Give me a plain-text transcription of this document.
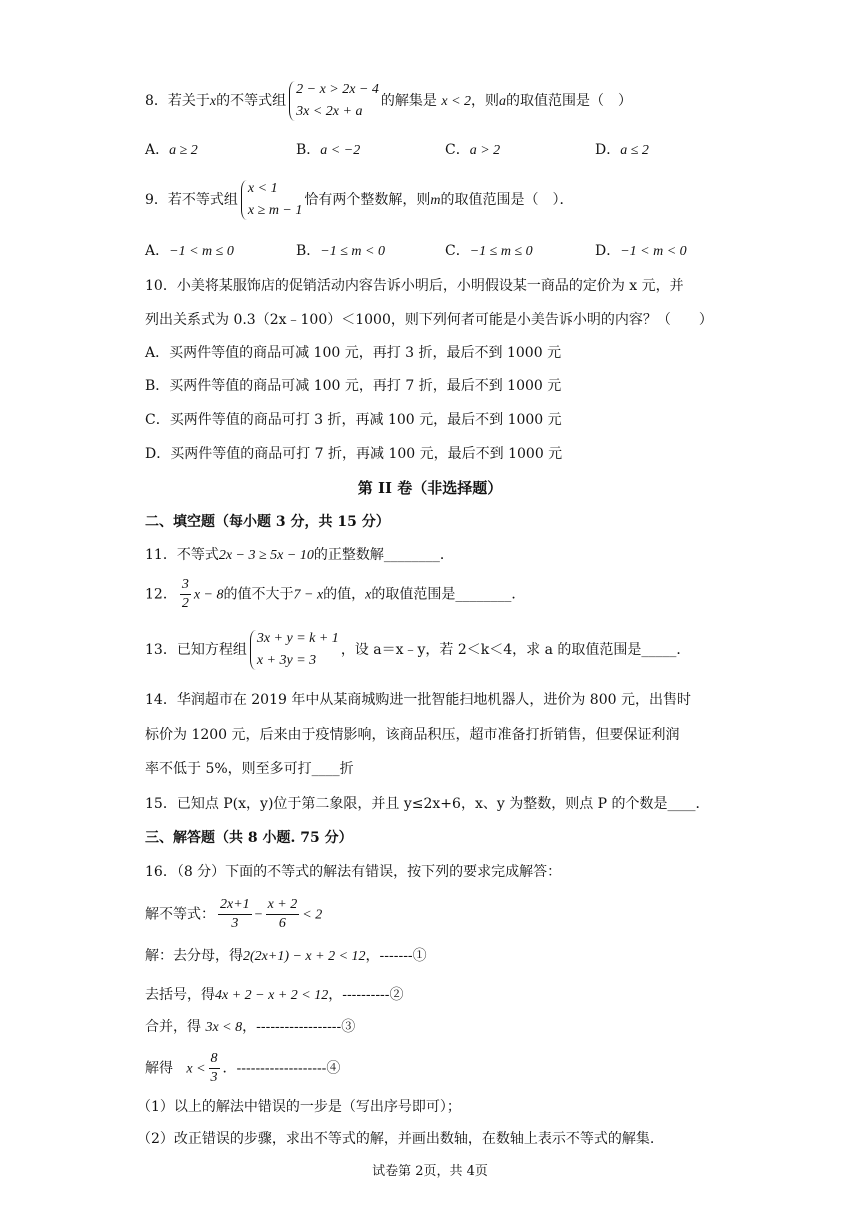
8．若关于x的不等式组
2 − x > 2x − 4
3x < 2x + a
的解集是 x < 2，则a的取值范围是（　）
A．a ≥ 2	B．a < −2	C．a > 2	D．a ≤ 2
9．若不等式组
x < 1
x ≥ m − 1
恰有两个整数解，则m的取值范围是（　）．
A．−1 < m ≤ 0	B．−1 ≤ m < 0	C．−1 ≤ m ≤ 0	D．−1 < m < 0
10．小美将某服饰店的促销活动内容告诉小明后，小明假设某一商品的定价为 x 元，并
列出关系式为 0.3（2x﹣100）＜1000，则下列何者可能是小美告诉小明的内容？（　　）
A．买两件等值的商品可减 100 元，再打 3 折，最后不到 1000 元
B．买两件等值的商品可减 100 元，再打 7 折，最后不到 1000 元
C．买两件等值的商品可打 3 折，再减 100 元，最后不到 1000 元
D．买两件等值的商品可打 7 折，再减 100 元，最后不到 1000 元
第 II 卷（非选择题）
二、填空题（每小题 3 分，共 15 分）
11．不等式2x − 3 ≥ 5x − 10的正整数解________．
12． $\frac{3}{2}$ x − 8的值不大于7 − x的值，x的取值范围是________．
13．已知方程组
3x + y = k + 1
x + 3y = 3
，设 a＝x﹣y，若 2＜k＜4，求 a 的取值范围是_____．
14．华润超市在 2019 年中从某商城购进一批智能扫地机器人，进价为 800 元，出售时
标价为 1200 元，后来由于疫情影响，该商品积压，超市准备打折销售，但要保证利润
率不低于 5%，则至多可打____折
15．已知点 P(x，y)位于第二象限，并且 y≤2x+6，x、y 为整数，则点 P 的个数是____．
三、解答题（共 8 小题. 75 分）
16．（8 分）下面的不等式的解法有错误，按下列的要求完成解答：
解不等式： $\frac{2x+1}{3} - \frac{x + 2}{6} < 2$
解：去分母，得2(2x+1) − x + 2 < 12，-------①
去括号，得4x + 2 − x + 2 < 12，----------②
合并，得 3x < 8，------------------③
解得 $x < \frac{8}{3}$ ．-------------------④
（1）以上的解法中错误的一步是（写出序号即可）；
（2）改正错误的步骤，求出不等式的解，并画出数轴，在数轴上表示不等式的解集.
试卷第 2页，共 4页
